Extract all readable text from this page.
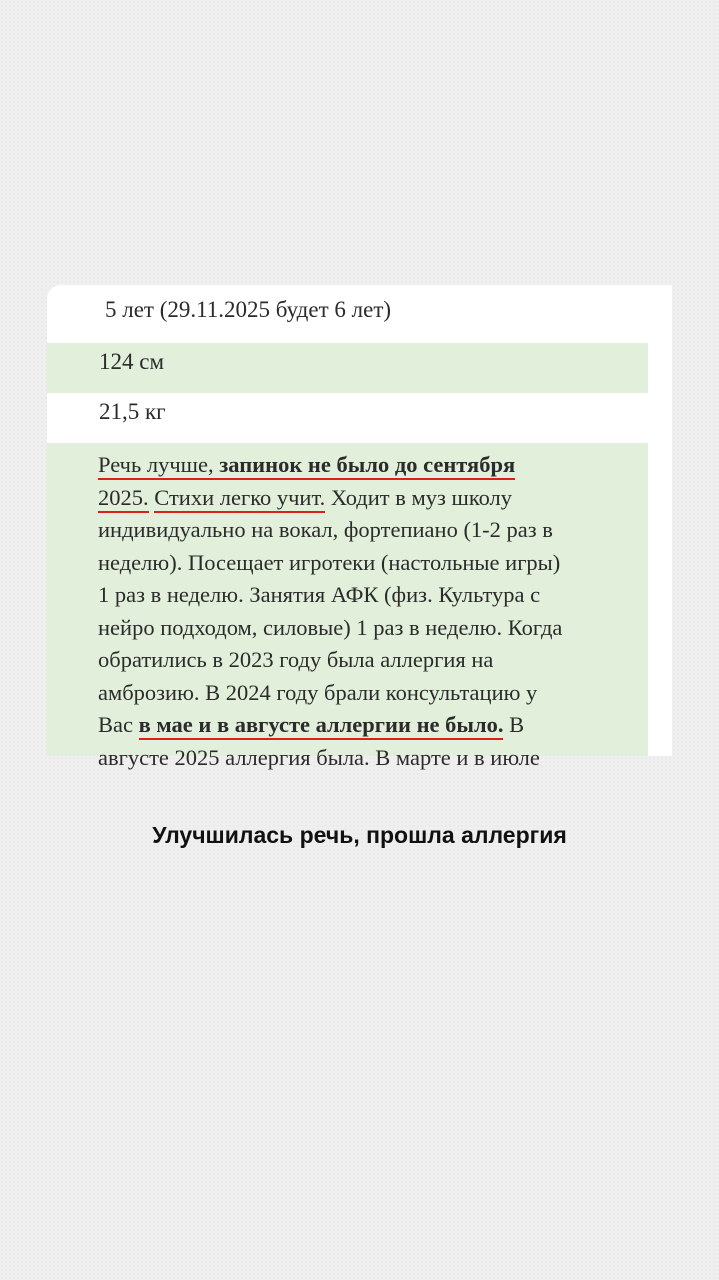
5 лет (29.11.2025 будет 6 лет)
124 см
21,5 кг
Речь лучше, запинок не было до сентября
2025. Стихи легко учит. Ходит в муз школу
индивидуально на вокал, фортепиано (1-2 раз в
неделю). Посещает игротеки (настольные игры)
1 раз в неделю. Занятия АФК (физ. Культура с
нейро подходом, силовые) 1 раз в неделю. Когда
обратились в 2023 году была аллергия на
амброзию. В 2024 году брали консультацию у
Вас в мае и в августе аллергии не было. В
августе 2025 аллергия была. В марте и в июле
Улучшилась речь, прошла аллергия
